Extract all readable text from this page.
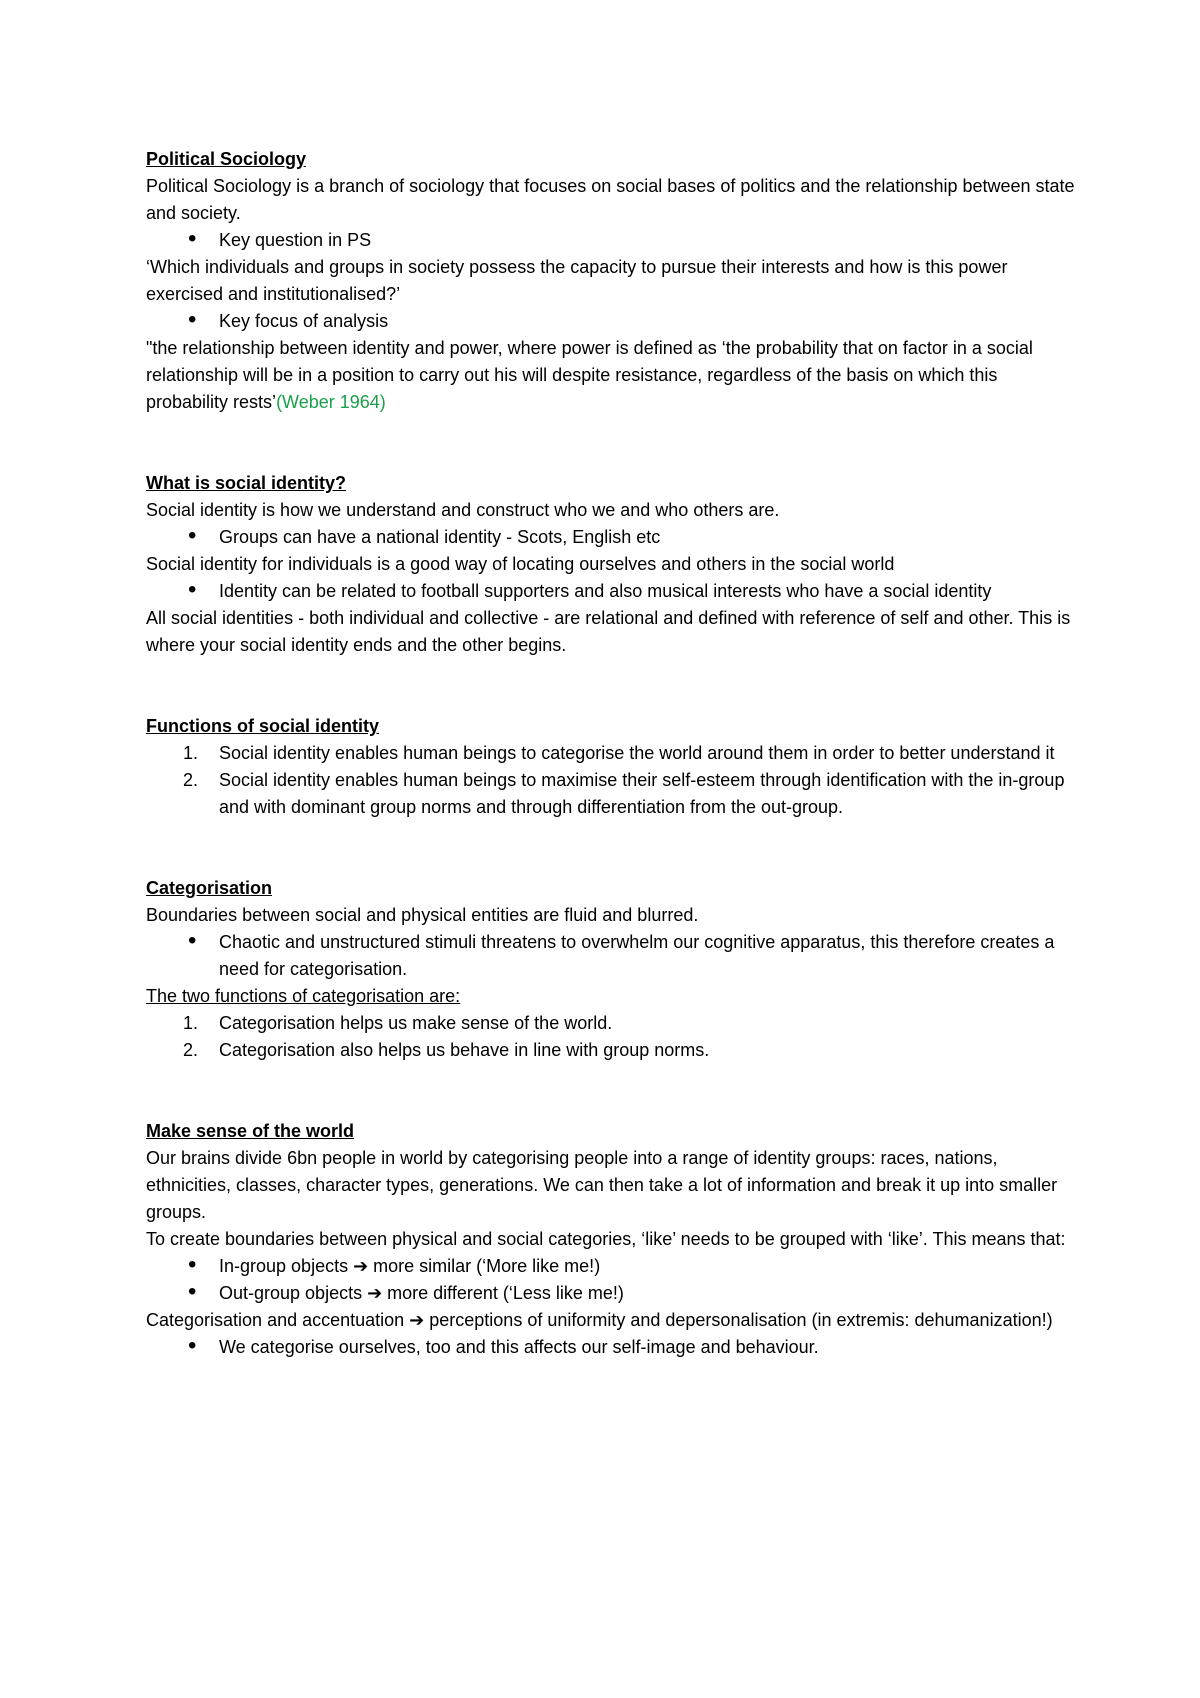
Political Sociology

Political Sociology is a branch of sociology that focuses on social bases of politics and the relationship between state and society.

• Key question in PS

‘Which individuals and groups in society possess the capacity to pursue their interests and how is this power exercised and institutionalised?’

• Key focus of analysis

"the relationship between identity and power, where power is defined as ‘the probability that on factor in a social relationship will be in a position to carry out his will despite resistance, regardless of the basis on which this probability rests’(Weber 1964)

What is social identity?

Social identity is how we understand and construct who we and who others are.

• Groups can have a national identity - Scots, English etc

Social identity for individuals is a good way of locating ourselves and others in the social world

• Identity can be related to football supporters and also musical interests who have a social identity

All social identities - both individual and collective - are relational and defined with reference of self and other. This is where your social identity ends and the other begins.

Functions of social identity

1. Social identity enables human beings to categorise the world around them in order to better understand it
2. Social identity enables human beings to maximise their self-esteem through identification with the in-group and with dominant group norms and through differentiation from the out-group.

Categorisation

Boundaries between social and physical entities are fluid and blurred.

• Chaotic and unstructured stimuli threatens to overwhelm our cognitive apparatus, this therefore creates a need for categorisation.

The two functions of categorisation are:

1. Categorisation helps us make sense of the world.
2. Categorisation also helps us behave in line with group norms.

Make sense of the world

Our brains divide 6bn people in world by categorising people into a range of identity groups: races, nations, ethnicities, classes, character types, generations. We can then take a lot of information and break it up into smaller groups.

To create boundaries between physical and social categories, ‘like’ needs to be grouped with ‘like’. This means that:

• In-group objects ➔ more similar (‘More like me!)
• Out-group objects ➔ more different (‘Less like me!)

Categorisation and accentuation ➔ perceptions of uniformity and depersonalisation (in extremis: dehumanization!)

• We categorise ourselves, too and this affects our self-image and behaviour.
